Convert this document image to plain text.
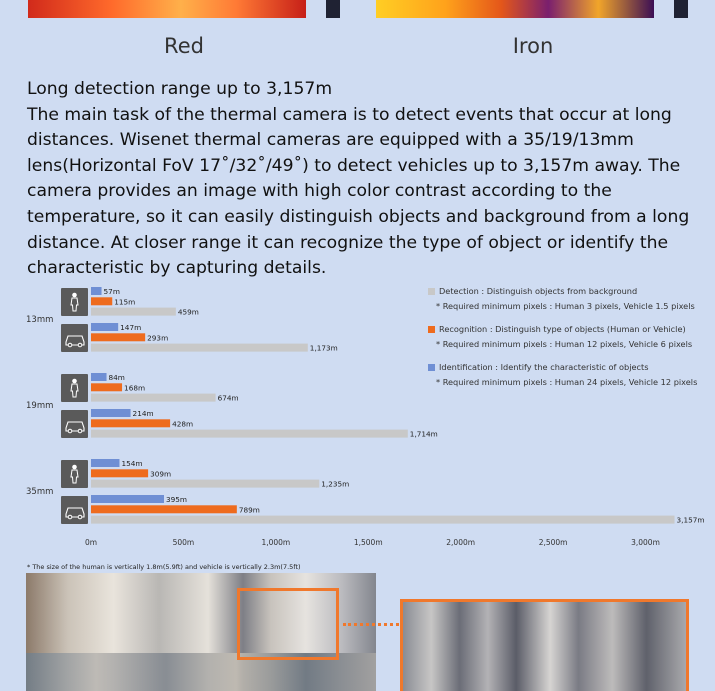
Red	Iron

Long detection range up to 3,157m

The main task of the thermal camera is to detect events that occur at long distances. Wisenet thermal cameras are equipped with a 35/19/13mm lens(Horizontal FoV 17˚/32˚/49˚) to detect vehicles up to 3,157m away. The camera provides an image with high color contrast according to the temperature, so it can easily distinguish objects and background from a long distance. At closer range it can recognize the type of object or identify the characteristic by capturing details.

Detection : Distinguish objects from background
* Required minimum pixels : Human 3 pixels, Vehicle 1.5 pixels
Recognition : Distinguish type of objects (Human or Vehicle)
* Required minimum pixels : Human 12 pixels, Vehicle 6 pixels
Identification : Identify the characteristic of objects
* Required minimum pixels : Human 24 pixels, Vehicle 12 pixels
13mm
57m
115m
459m
147m
293m
1,173m
19mm
84m
168m
674m
214m
428m
1,714m
35mm
154m
309m
1,235m
395m
789m
3,157m
0m	500m	1,000m	1,500m	2,000m	2,500m	3,000m
* The size of the human is vertically 1.8m(5.9ft) and vehicle is vertically 2.3m(7.5ft)
